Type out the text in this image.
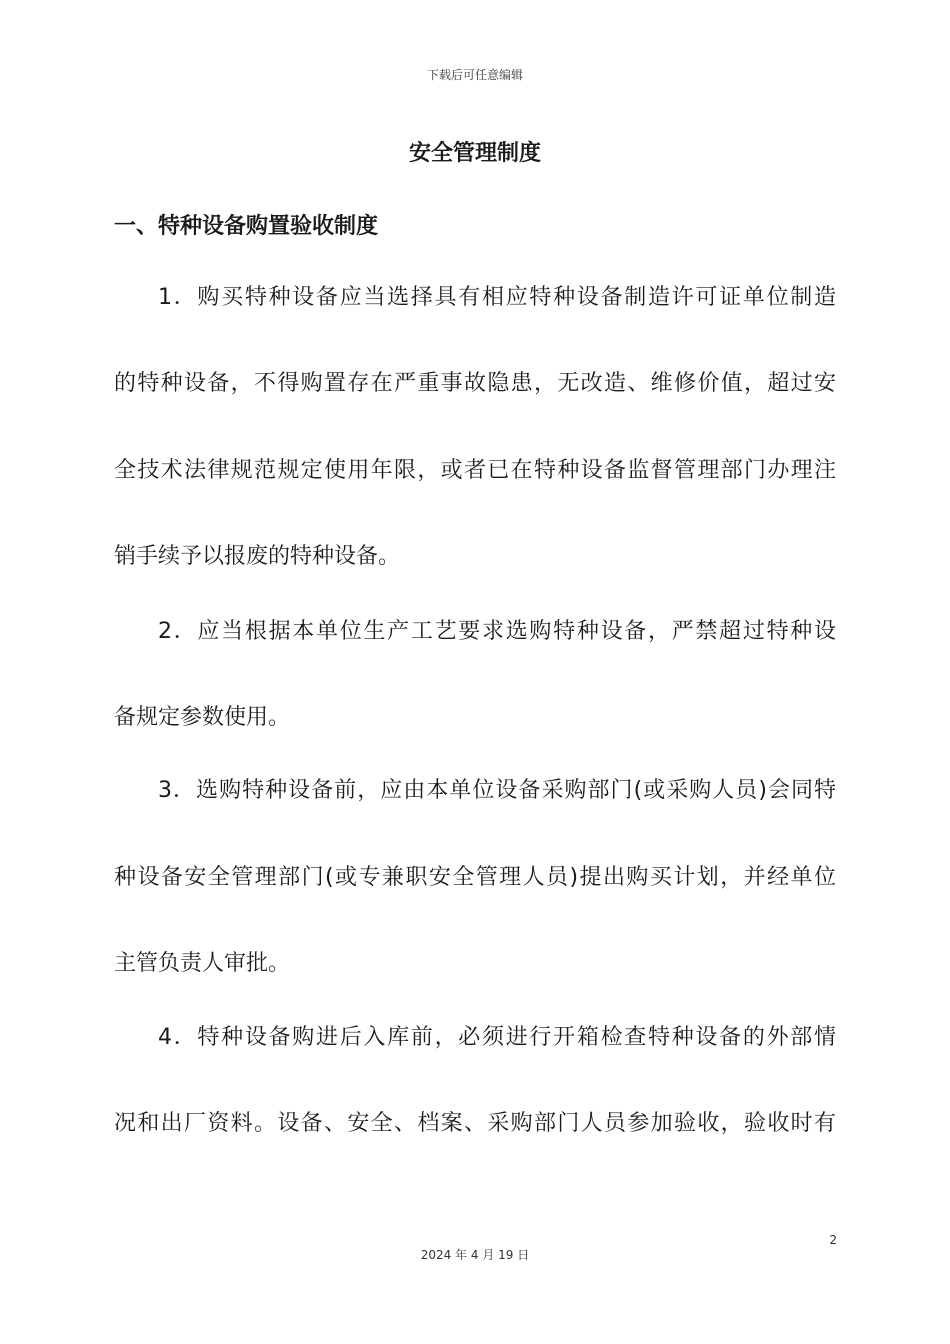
下载后可任意编辑
安全管理制度
一、特种设备购置验收制度
1．购买特种设备应当选择具有相应特种设备制造许可证单位制造
的特种设备，不得购置存在严重事故隐患，无改造、维修价值，超过安
全技术法律规范规定使用年限，或者已在特种设备监督管理部门办理注
销手续予以报废的特种设备。
2．应当根据本单位生产工艺要求选购特种设备，严禁超过特种设
备规定参数使用。
3．选购特种设备前，应由本单位设备采购部门(或采购人员)会同特
种设备安全管理部门(或专兼职安全管理人员)提出购买计划，并经单位
主管负责人审批。
4．特种设备购进后入库前，必须进行开箱检查特种设备的外部情
况和出厂资料。设备、安全、档案、采购部门人员参加验收，验收时有
2
2024 年 4 月 19 日
